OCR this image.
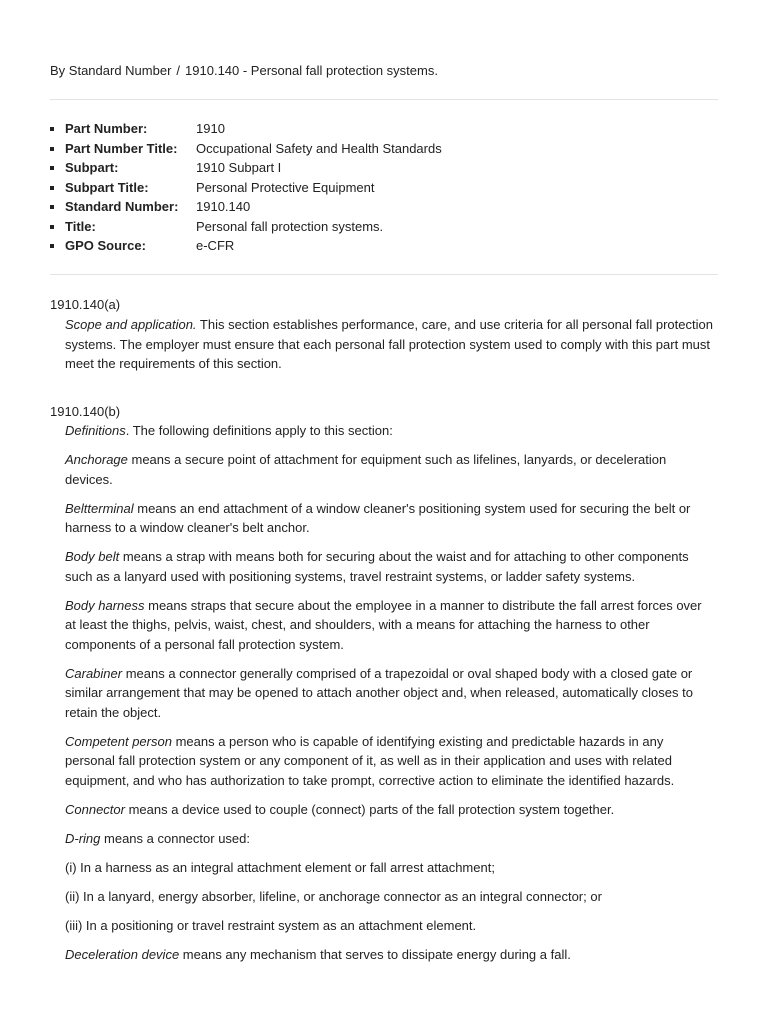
By Standard Number / 1910.140 - Personal fall protection systems.
Part Number:	1910
Part Number Title: Occupational Safety and Health Standards
Subpart:	1910 Subpart I
Subpart Title:	Personal Protective Equipment
Standard Number: 1910.140
Title:	Personal fall protection systems.
GPO Source:	e-CFR
1910.140(a)

Scope and application. This section establishes performance, care, and use criteria for all personal fall protection systems. The employer must ensure that each personal fall protection system used to comply with this part must meet the requirements of this section.

1910.140(b)

Definitions. The following definitions apply to this section:

Anchorage means a secure point of attachment for equipment such as lifelines, lanyards, or deceleration devices.

Beltterminal means an end attachment of a window cleaner's positioning system used for securing the belt or harness to a window cleaner's belt anchor.

Body belt means a strap with means both for securing about the waist and for attaching to other components such as a lanyard used with positioning systems, travel restraint systems, or ladder safety systems.

Body harness means straps that secure about the employee in a manner to distribute the fall arrest forces over at least the thighs, pelvis, waist, chest, and shoulders, with a means for attaching the harness to other components of a personal fall protection system.

Carabiner means a connector generally comprised of a trapezoidal or oval shaped body with a closed gate or similar arrangement that may be opened to attach another object and, when released, automatically closes to retain the object.

Competent person means a person who is capable of identifying existing and predictable hazards in any personal fall protection system or any component of it, as well as in their application and uses with related equipment, and who has authorization to take prompt, corrective action to eliminate the identified hazards.

Connector means a device used to couple (connect) parts of the fall protection system together.

D-ring means a connector used:

(i) In a harness as an integral attachment element or fall arrest attachment;

(ii) In a lanyard, energy absorber, lifeline, or anchorage connector as an integral connector; or

(iii) In a positioning or travel restraint system as an attachment element.

Deceleration device means any mechanism that serves to dissipate energy during a fall.
